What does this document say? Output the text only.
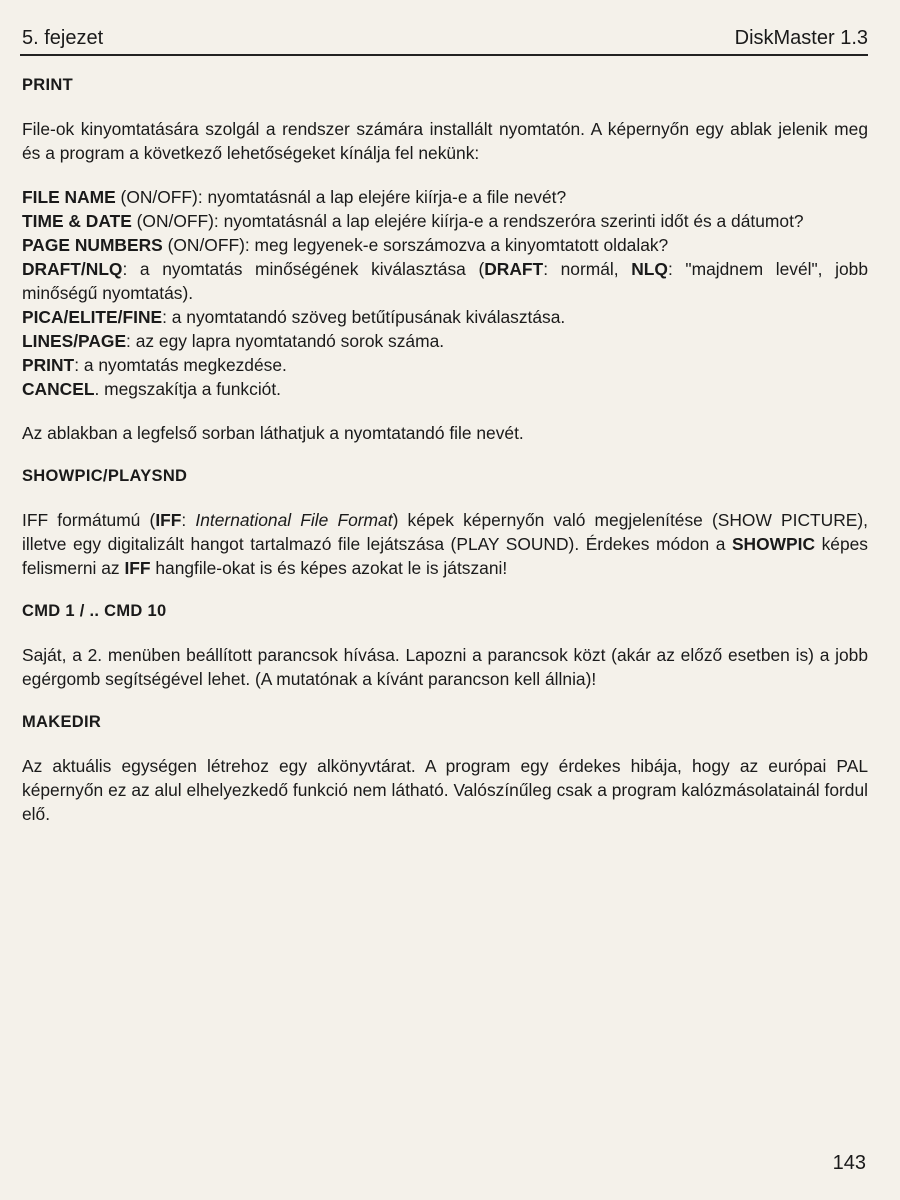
5. fejezet	DiskMaster 1.3
PRINT

File-ok kinyomtatására szolgál a rendszer számára installált nyomtatón. A képernyőn egy ablak jelenik meg és a program a következő lehetőségeket kínálja fel nekünk:

FILE NAME (ON/OFF): nyomtatásnál a lap elejére kiírja-e a file nevét?

TIME & DATE (ON/OFF): nyomtatásnál a lap elejére kiírja-e a rendszeróra szerinti időt és a dátumot?

PAGE NUMBERS (ON/OFF): meg legyenek-e sorszámozva a kinyomtatott oldalak?

DRAFT/NLQ: a nyomtatás minőségének kiválasztása (DRAFT: normál, NLQ: "majdnem levél", jobb minőségű nyomtatás).

PICA/ELITE/FINE: a nyomtatandó szöveg betűtípusának kiválasztása.

LINES/PAGE: az egy lapra nyomtatandó sorok száma.

PRINT: a nyomtatás megkezdése.

CANCEL. megszakítja a funkciót.

Az ablakban a legfelső sorban láthatjuk a nyomtatandó file nevét.

SHOWPIC/PLAYSND

IFF formátumú (IFF: International File Format) képek képernyőn való megjelenítése (SHOW PICTURE), illetve egy digitalizált hangot tartalmazó file lejátszása (PLAY SOUND). Érdekes módon a SHOWPIC képes felismerni az IFF hangfile-okat is és képes azokat le is játszani!

CMD 1 / .. CMD 10

Saját, a 2. menüben beállított parancsok hívása. Lapozni a parancsok közt (akár az előző esetben is) a jobb egérgomb segítségével lehet. (A mutatónak a kívánt parancson kell állnia)!

MAKEDIR

Az aktuális egységen létrehoz egy alkönyvtárat. A program egy érdekes hibája, hogy az európai PAL képernyőn ez az alul elhelyezkedő funkció nem látható. Valószínűleg csak a program kalózmásolatainál fordul elő.

143
